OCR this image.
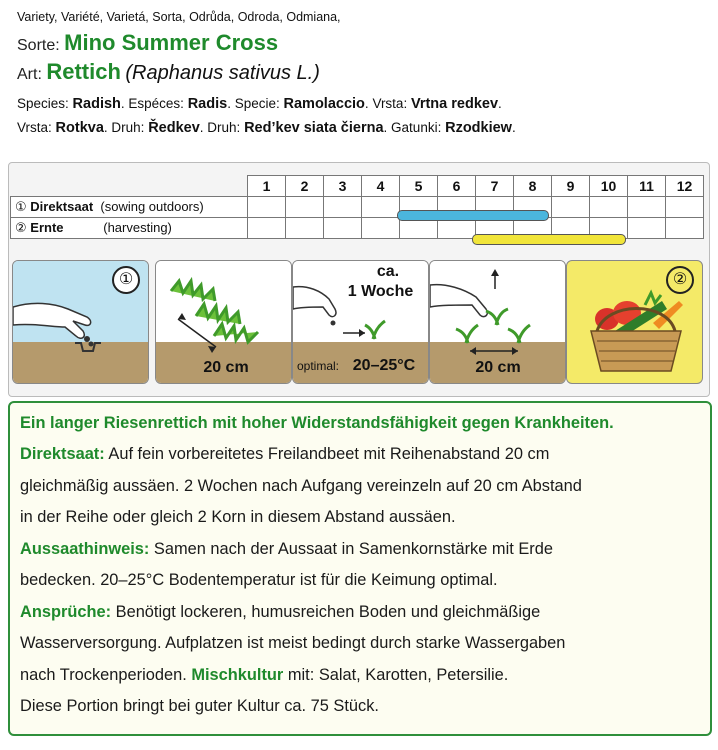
Variety, Variété, Varietá, Sorta, Odrůda, Odroda, Odmiana,
Sorte: Mino Summer Cross
Art: Rettich (Raphanus sativus L.)
Species: Radish. Espéces: Radis. Specie: Ramolaccio. Vrsta: Vrtna redkev.
Vrsta: Rotkva. Druh: Ředkev. Druh: Red’kev siata čierna. Gatunki: Rzodkiew.
	1	2	3	4	5	6	7	8	9	10	11	12
① Direktsaat (sowing outdoors)												
② Ernte (harvesting)												
①
20 cm
ca.
1 Woche
optimal: 20–25°C	20 cm
②

Ein langer Riesenrettich mit hoher Widerstandsfähigkeit gegen Krankheiten.

Direktsaat: Auf fein vorbereitetes Freilandbeet mit Reihenabstand 20 cm

gleichmäßig aussäen. 2 Wochen nach Aufgang vereinzeln auf 20 cm Abstand

in der Reihe oder gleich 2 Korn in diesem Abstand aussäen.

Aussaathinweis: Samen nach der Aussaat in Samenkornstärke mit Erde

bedecken. 20–25°C Bodentemperatur ist für die Keimung optimal.

Ansprüche: Benötigt lockeren, humusreichen Boden und gleichmäßige

Wasserversorgung. Aufplatzen ist meist bedingt durch starke Wassergaben

nach Trockenperioden. Mischkultur mit: Salat, Karotten, Petersilie.

Diese Portion bringt bei guter Kultur ca. 75 Stück.
